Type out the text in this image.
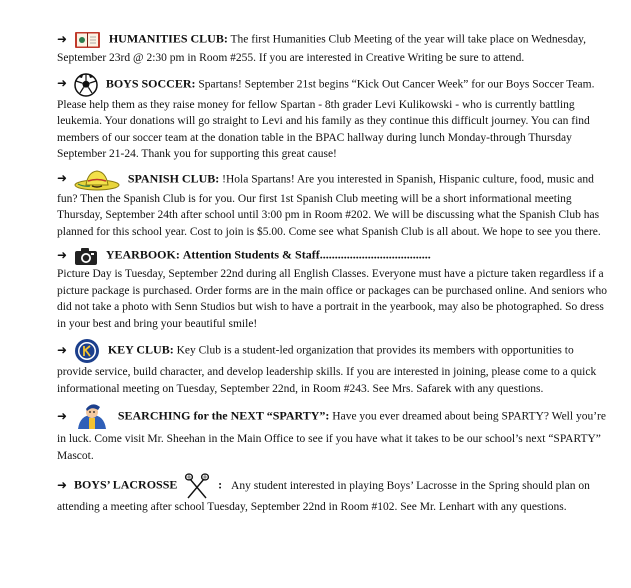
➜	HUMANITIES CLUB: The first Humanities Club Meeting of the year will take place on Wednesday, September 23rd @ 2:30 pm in Room #255. If you are interested in Creative Writing be sure to attend.
➜	BOYS SOCCER: Spartans! September 21st begins “Kick Out Cancer Week” for our Boys Soccer Team. Please help them as they raise money for fellow Spartan - 8th grader Levi Kulikowski - who is currently battling leukemia. Your donations will go straight to Levi and his family as they continue this difficult journey. You can find members of our soccer team at the donation table in the BPAC hallway during lunch Monday-through Thursday September 21-24. Thank you for supporting this great cause!
➜	SPANISH CLUB: !Hola Spartans! Are you interested in Spanish, Hispanic culture, food, music and fun? Then the Spanish Club is for you. Our first 1st Spanish Club meeting will be a short informational meeting Thursday, September 24th after school until 3:00 pm in Room #202. We will be discussing what the Spanish Club has planned for this school year. Cost to join is $5.00. Come see what Spanish Club is all about. We hope to see you there.
➜	YEARBOOK: Attention Students & Staff.....................................
Picture Day is Tuesday, September 22nd during all English Classes. Everyone must have a picture taken regardless if a picture package is purchased. Order forms are in the main office or packages can be purchased online. And seniors who did not take a photo with Senn Studios but wish to have a portrait in the yearbook, may also be photographed. So dress in your best and bring your beautiful smile!
➜	KEY CLUB: Key Club is a student-led organization that provides its members with opportunities to provide service, build character, and develop leadership skills. If you are interested in joining, please come to a quick informational meeting on Tuesday, September 22nd, in Room #243. See Mrs. Safarek with any questions.
➜	SEARCHING for the NEXT “SPARTY”: Have you ever dreamed about being SPARTY? Well you’re in luck. Come visit Mr. Sheehan in the Main Office to see if you have what it takes to be our school’s next “SPARTY” Mascot.
➜ BOYS’ LACROSSE	: Any student interested in playing Boys’ Lacrosse in the Spring should plan on attending a meeting after school Tuesday, September 22nd in Room #102. See Mr. Lenhart with any questions.
